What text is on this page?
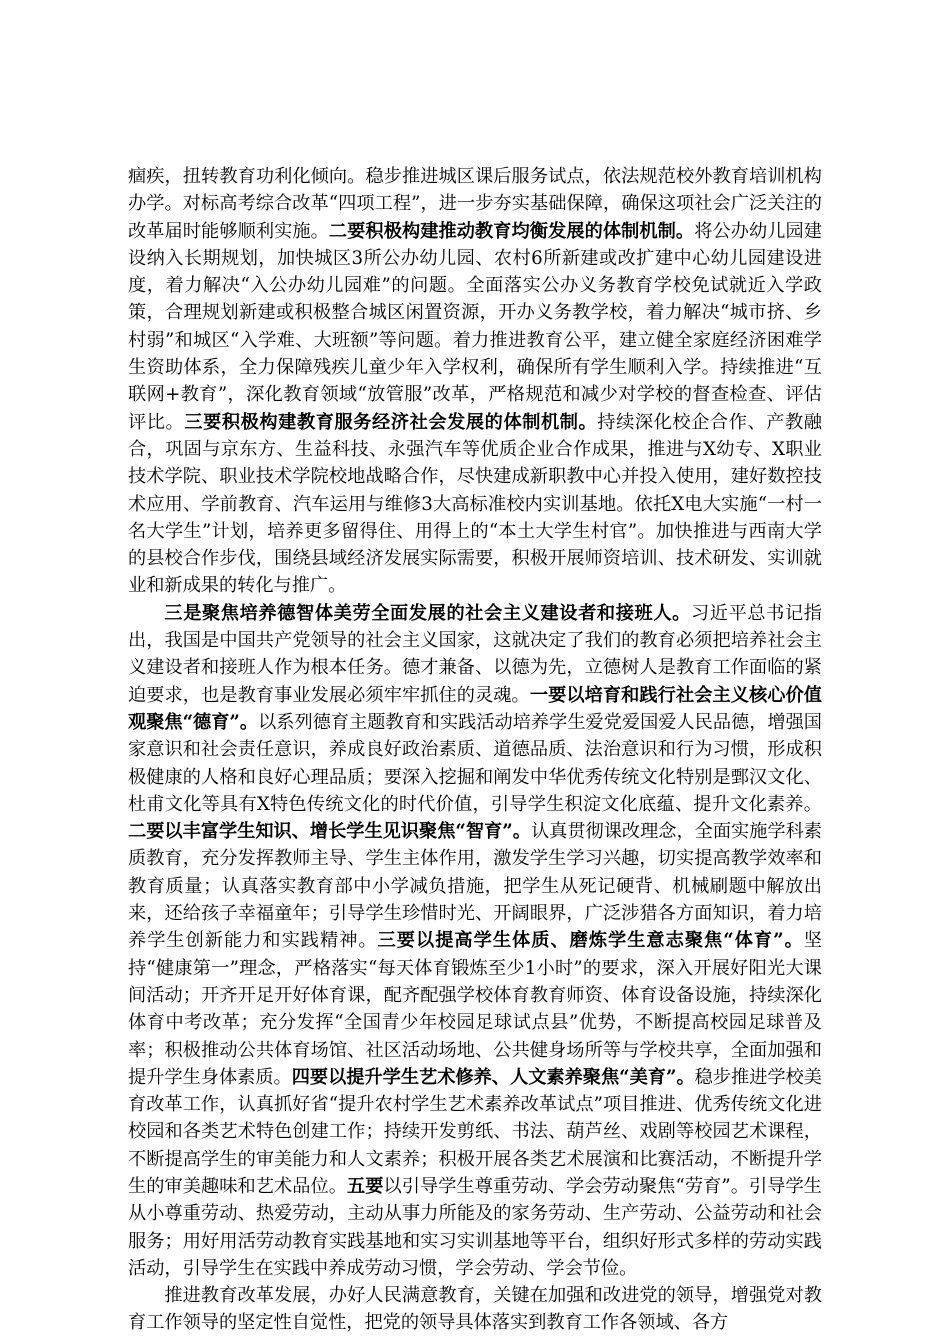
痼疾，扭转教育功利化倾向。稳步推进城区课后服务试点，依法规范校外教育培训机构办学。对标高考综合改革“四项工程”，进一步夯实基础保障，确保这项社会广泛关注的改革届时能够顺利实施。二要积极构建推动教育均衡发展的体制机制。将公办幼儿园建设纳入长期规划，加快城区3所公办幼儿园、农村6所新建或改扩建中心幼儿园建设进度，着力解决“入公办幼儿园难”的问题。全面落实公办义务教育学校免试就近入学政策，合理规划新建或积极整合城区闲置资源，开办义务教学校，着力解决“城市挤、乡村弱”和城区“入学难、大班额”等问题。着力推进教育公平，建立健全家庭经济困难学生资助体系，全力保障残疾儿童少年入学权利，确保所有学生顺利入学。持续推进“互联网+教育”，深化教育领域“放管服”改革，严格规范和减少对学校的督查检查、评估评比。三要积极构建教育服务经济社会发展的体制机制。持续深化校企合作、产教融合，巩固与京东方、生益科技、永强汽车等优质企业合作成果，推进与X幼专、X职业技术学院、职业技术学院校地战略合作，尽快建成新职教中心并投入使用，建好数控技术应用、学前教育、汽车运用与维修3大高标准校内实训基地。依托X电大实施“一村一名大学生”计划，培养更多留得住、用得上的“本土大学生村官”。加快推进与西南大学的县校合作步伐，围绕县域经济发展实际需要，积极开展师资培训、技术研发、实训就业和新成果的转化与推广。

三是聚焦培养德智体美劳全面发展的社会主义建设者和接班人。习近平总书记指出，我国是中国共产党领导的社会主义国家，这就决定了我们的教育必须把培养社会主义建设者和接班人作为根本任务。德才兼备、以德为先，立德树人是教育工作面临的紧迫要求，也是教育事业发展必须牢牢抓住的灵魂。一要以培育和践行社会主义核心价值观聚焦“德育”。以系列德育主题教育和实践活动培养学生爱党爱国爱人民品德，增强国家意识和社会责任意识，养成良好政治素质、道德品质、法治意识和行为习惯，形成积极健康的人格和良好心理品质；要深入挖掘和阐发中华优秀传统文化特别是鄄汉文化、杜甫文化等具有X特色传统文化的时代价值，引导学生积淀文化底蕴、提升文化素养。二要以丰富学生知识、增长学生见识聚焦“智育”。认真贯彻课改理念，全面实施学科素质教育，充分发挥教师主导、学生主体作用，激发学生学习兴趣，切实提高教学效率和教育质量；认真落实教育部中小学减负措施，把学生从死记硬背、机械刷题中解放出来，还给孩子幸福童年；引导学生珍惜时光、开阔眼界，广泛涉猎各方面知识，着力培养学生创新能力和实践精神。三要以提高学生体质、磨炼学生意志聚焦“体育”。坚持“健康第一”理念，严格落实“每天体育锻炼至少1小时”的要求，深入开展好阳光大课间活动；开齐开足开好体育课，配齐配强学校体育教育师资、体育设备设施，持续深化体育中考改革；充分发挥“全国青少年校园足球试点县”优势，不断提高校园足球普及率；积极推动公共体育场馆、社区活动场地、公共健身场所等与学校共享，全面加强和提升学生身体素质。四要以提升学生艺术修养、人文素养聚焦“美育”。稳步推进学校美育改革工作，认真抓好省“提升农村学生艺术素养改革试点”项目推进、优秀传统文化进校园和各类艺术特色创建工作；持续开发剪纸、书法、葫芦丝、戏剧等校园艺术课程，不断提高学生的审美能力和人文素养；积极开展各类艺术展演和比赛活动，不断提升学生的审美趣味和艺术品位。五要以引导学生尊重劳动、学会劳动聚焦“劳育”。引导学生从小尊重劳动、热爱劳动，主动从事力所能及的家务劳动、生产劳动、公益劳动和社会服务；用好用活劳动教育实践基地和实习实训基地等平台，组织好形式多样的劳动实践活动，引导学生在实践中养成劳动习惯，学会劳动、学会节俭。

推进教育改革发展，办好人民满意教育，关键在加强和改进党的领导，增强党对教育工作领导的坚定性自觉性，把党的领导具体落实到教育工作各领域、各方
